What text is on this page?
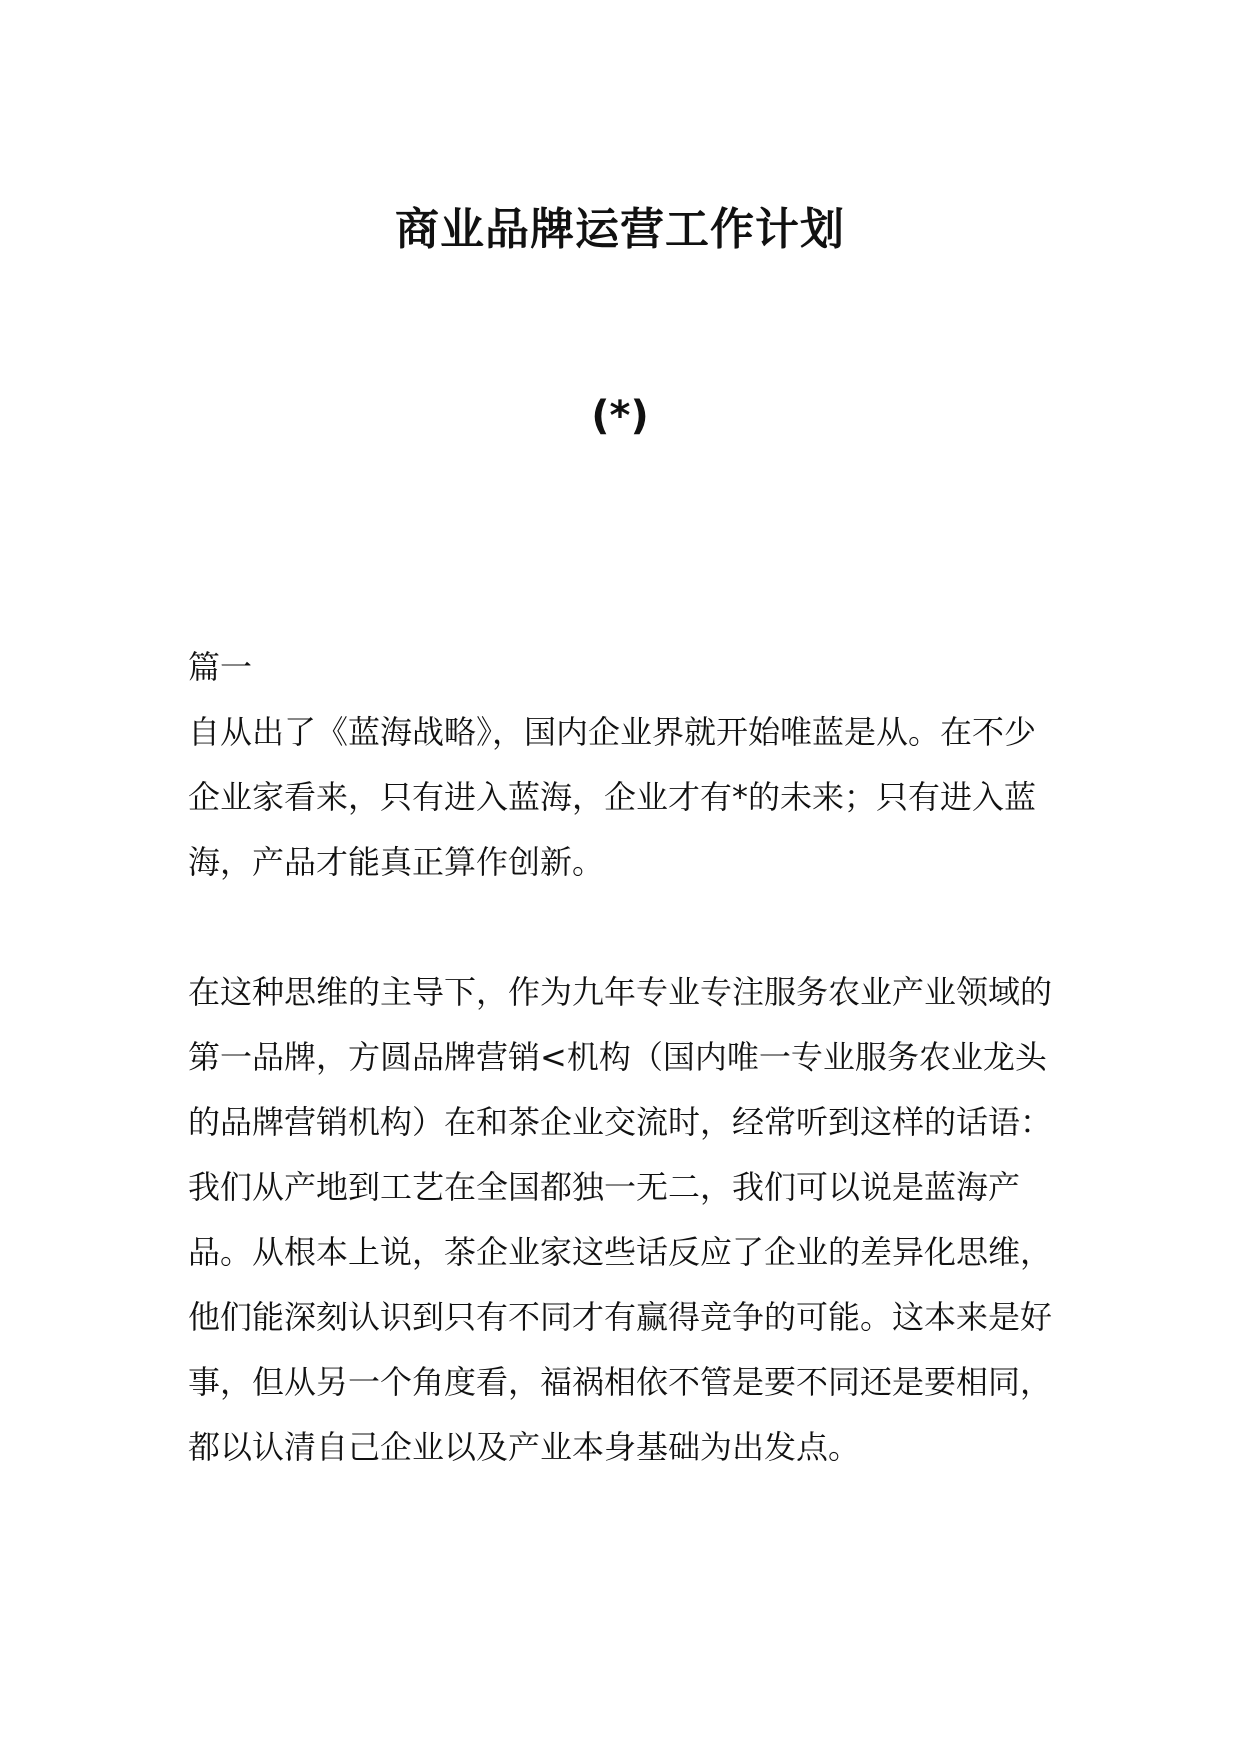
商业品牌运营工作计划
(*)

篇一

自从出了《蓝海战略》，国内企业界就开始唯蓝是从。在不少企业家看来，只有进入蓝海，企业才有*的未来；只有进入蓝海，产品才能真正算作创新。

在这种思维的主导下，作为九年专业专注服务农业产业领域的第一品牌，方圆品牌营销<机构（国内唯一专业服务农业龙头的品牌营销机构）在和茶企业交流时，经常听到这样的话语：我们从产地到工艺在全国都独一无二，我们可以说是蓝海产品。从根本上说，茶企业家这些话反应了企业的差异化思维，他们能深刻认识到只有不同才有赢得竞争的可能。这本来是好事，但从另一个角度看，福祸相依不管是要不同还是要相同，都以认清自己企业以及产业本身基础为出发点。
